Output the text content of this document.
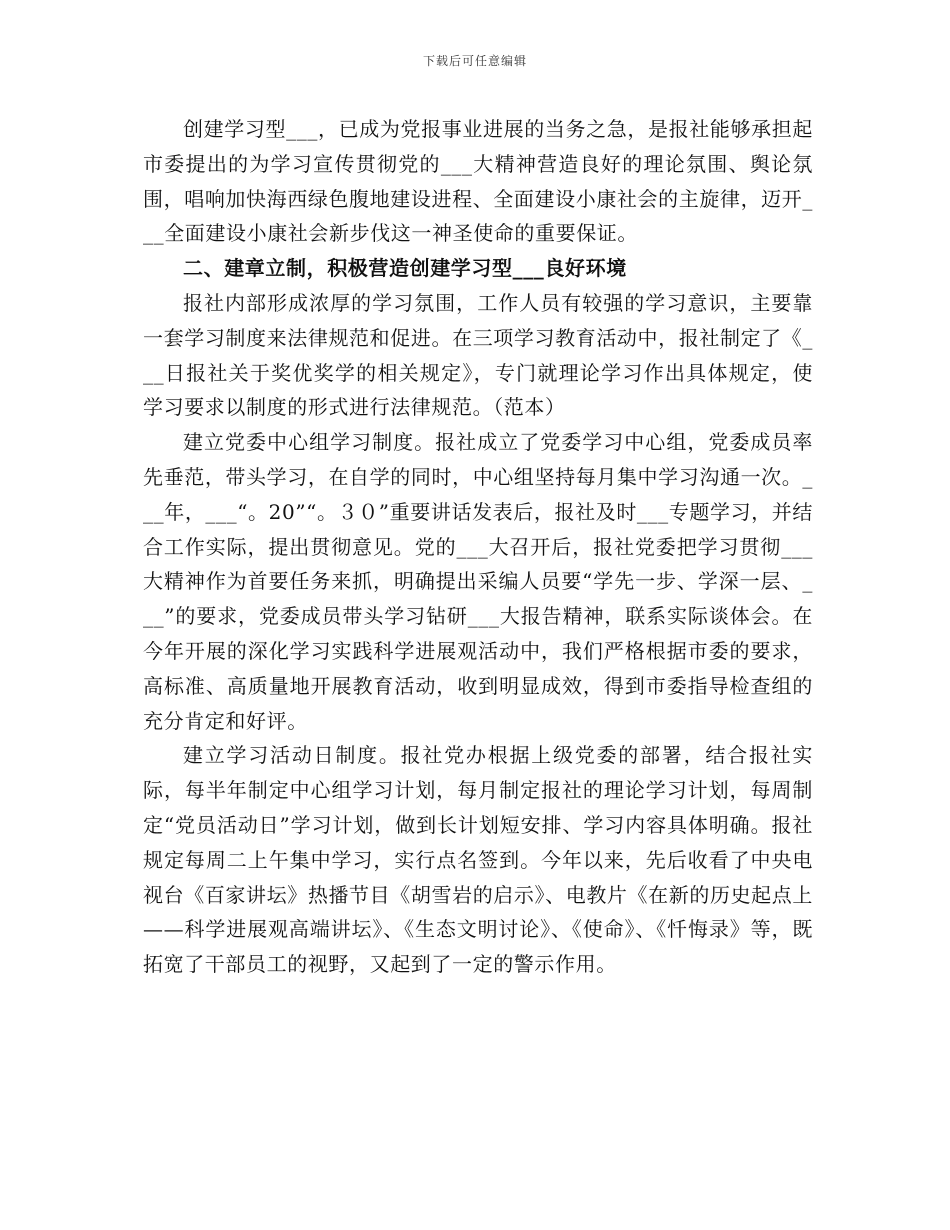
下载后可任意编辑

创建学习型___，已成为党报事业进展的当务之急，是报社能够承担起市委提出的为学习宣传贯彻党的___大精神营造良好的理论氛围、舆论氛围，唱响加快海西绿色腹地建设进程、全面建设小康社会的主旋律，迈开___全面建设小康社会新步伐这一神圣使命的重要保证。

二、建章立制，积极营造创建学习型___良好环境

报社内部形成浓厚的学习氛围，工作人员有较强的学习意识，主要靠一套学习制度来法律规范和促进。在三项学习教育活动中，报社制定了《___日报社关于奖优奖学的相关规定》，专门就理论学习作出具体规定，使学习要求以制度的形式进行法律规范。（范本）

建立党委中心组学习制度。报社成立了党委学习中心组，党委成员率先垂范，带头学习，在自学的同时，中心组坚持每月集中学习沟通一次。___年，___“。20”“。３０”重要讲话发表后，报社及时___专题学习，并结合工作实际，提出贯彻意见。党的___大召开后，报社党委把学习贯彻___大精神作为首要任务来抓，明确提出采编人员要“学先一步、学深一层、___”的要求，党委成员带头学习钻研___大报告精神，联系实际谈体会。在今年开展的深化学习实践科学进展观活动中，我们严格根据市委的要求，高标准、高质量地开展教育活动，收到明显成效，得到市委指导检查组的充分肯定和好评。

建立学习活动日制度。报社党办根据上级党委的部署，结合报社实际，每半年制定中心组学习计划，每月制定报社的理论学习计划，每周制定“党员活动日”学习计划，做到长计划短安排、学习内容具体明确。报社规定每周二上午集中学习，实行点名签到。今年以来，先后收看了中央电视台《百家讲坛》热播节目《胡雪岩的启示》、电教片《在新的历史起点上——科学进展观高端讲坛》、《生态文明讨论》、《使命》、《忏悔录》等，既拓宽了干部员工的视野，又起到了一定的警示作用。
